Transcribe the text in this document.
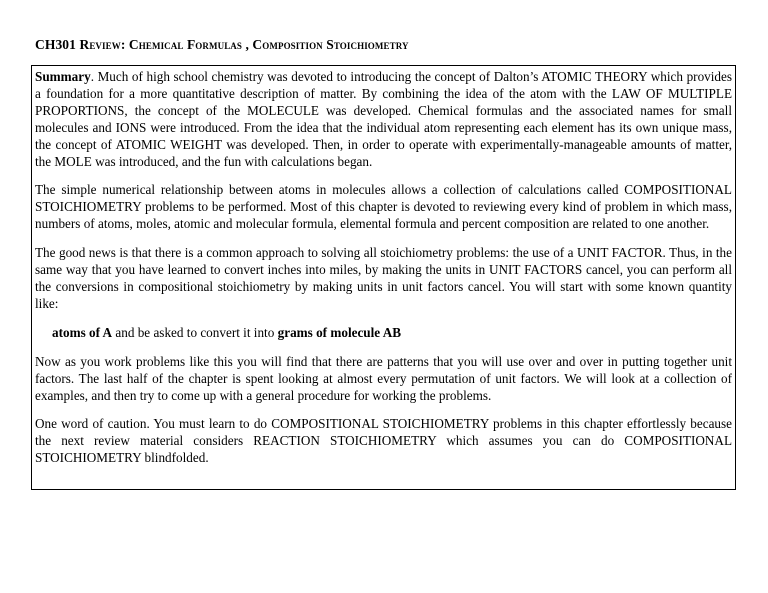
CH301 Review: Chemical Formulas , Composition Stoichiometry

Summary. Much of high school chemistry was devoted to introducing the concept of Dalton’s ATOMIC THEORY which provides a foundation for a more quantitative description of matter. By combining the idea of the atom with the LAW OF MULTIPLE PROPORTIONS, the concept of the MOLECULE was developed. Chemical formulas and the associated names for small molecules and IONS were introduced. From the idea that the individual atom representing each element has its own unique mass, the concept of ATOMIC WEIGHT was developed. Then, in order to operate with experimentally-manageable amounts of matter, the MOLE was introduced, and the fun with calculations began.

The simple numerical relationship between atoms in molecules allows a collection of calculations called COMPOSITIONAL STOICHIOMETRY problems to be performed. Most of this chapter is devoted to reviewing every kind of problem in which mass, numbers of atoms, moles, atomic and molecular formula, elemental formula and percent composition are related to one another.

The good news is that there is a common approach to solving all stoichiometry problems: the use of a UNIT FACTOR. Thus, in the same way that you have learned to convert inches into miles, by making the units in UNIT FACTORS cancel, you can perform all the conversions in compositional stoichiometry by making units in unit factors cancel. You will start with some known quantity like:

atoms of A and be asked to convert it into grams of molecule AB

Now as you work problems like this you will find that there are patterns that you will use over and over in putting together unit factors. The last half of the chapter is spent looking at almost every permutation of unit factors. We will look at a collection of examples, and then try to come up with a general procedure for working the problems.

One word of caution. You must learn to do COMPOSITIONAL STOICHIOMETRY problems in this chapter effortlessly because the next review material considers REACTION STOICHIOMETRY which assumes you can do COMPOSITIONAL STOICHIOMETRY blindfolded.
